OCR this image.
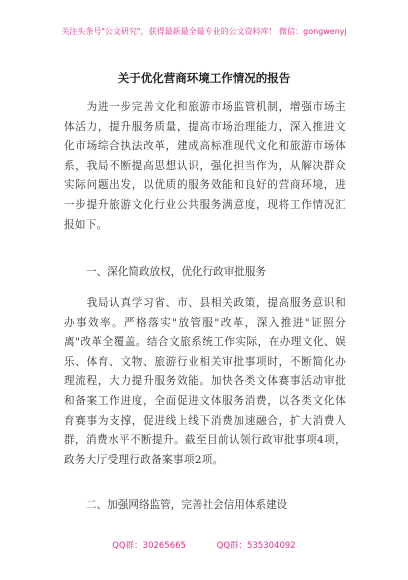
关注头条号"公文研究"，获得最新最全最专业的公文资料库！ 微信：gongwenyj
关于优化营商环境工作情况的报告
　　为进一步完善文化和旅游市场监管机制，增强市场主体活力，提升服务质量，提高市场治理能力，深入推进文化市场综合执法改革，建成高标准现代文化和旅游市场体系，我局不断提高思想认识，强化担当作为，从解决群众实际问题出发，以优质的服务效能和良好的营商环境，进一步提升旅游文化行业公共服务满意度，现将工作情况汇报如下。
一、深化简政放权，优化行政审批服务
　　我局认真学习省、市、县相关政策，提高服务意识和办事效率。严格落实"放管服"改革，深入推进"证照分离"改革全覆盖。结合文旅系统工作实际，在办理文化、娱乐、体育、文物、旅游行业相关审批事项时，不断简化办理流程，大力提升服务效能。加快各类文体赛事活动审批和备案工作进度，全面促进文体服务消费，以各类文化体育赛事为支撑，促进线上线下消费加速融合，扩大消费人群，消费水平不断提升。截至目前认领行政审批事项4项，政务大厅受理行政备案事项2项。
二、加强网络监管，完善社会信用体系建设
QQ群：30265665	QQ群：535304092
